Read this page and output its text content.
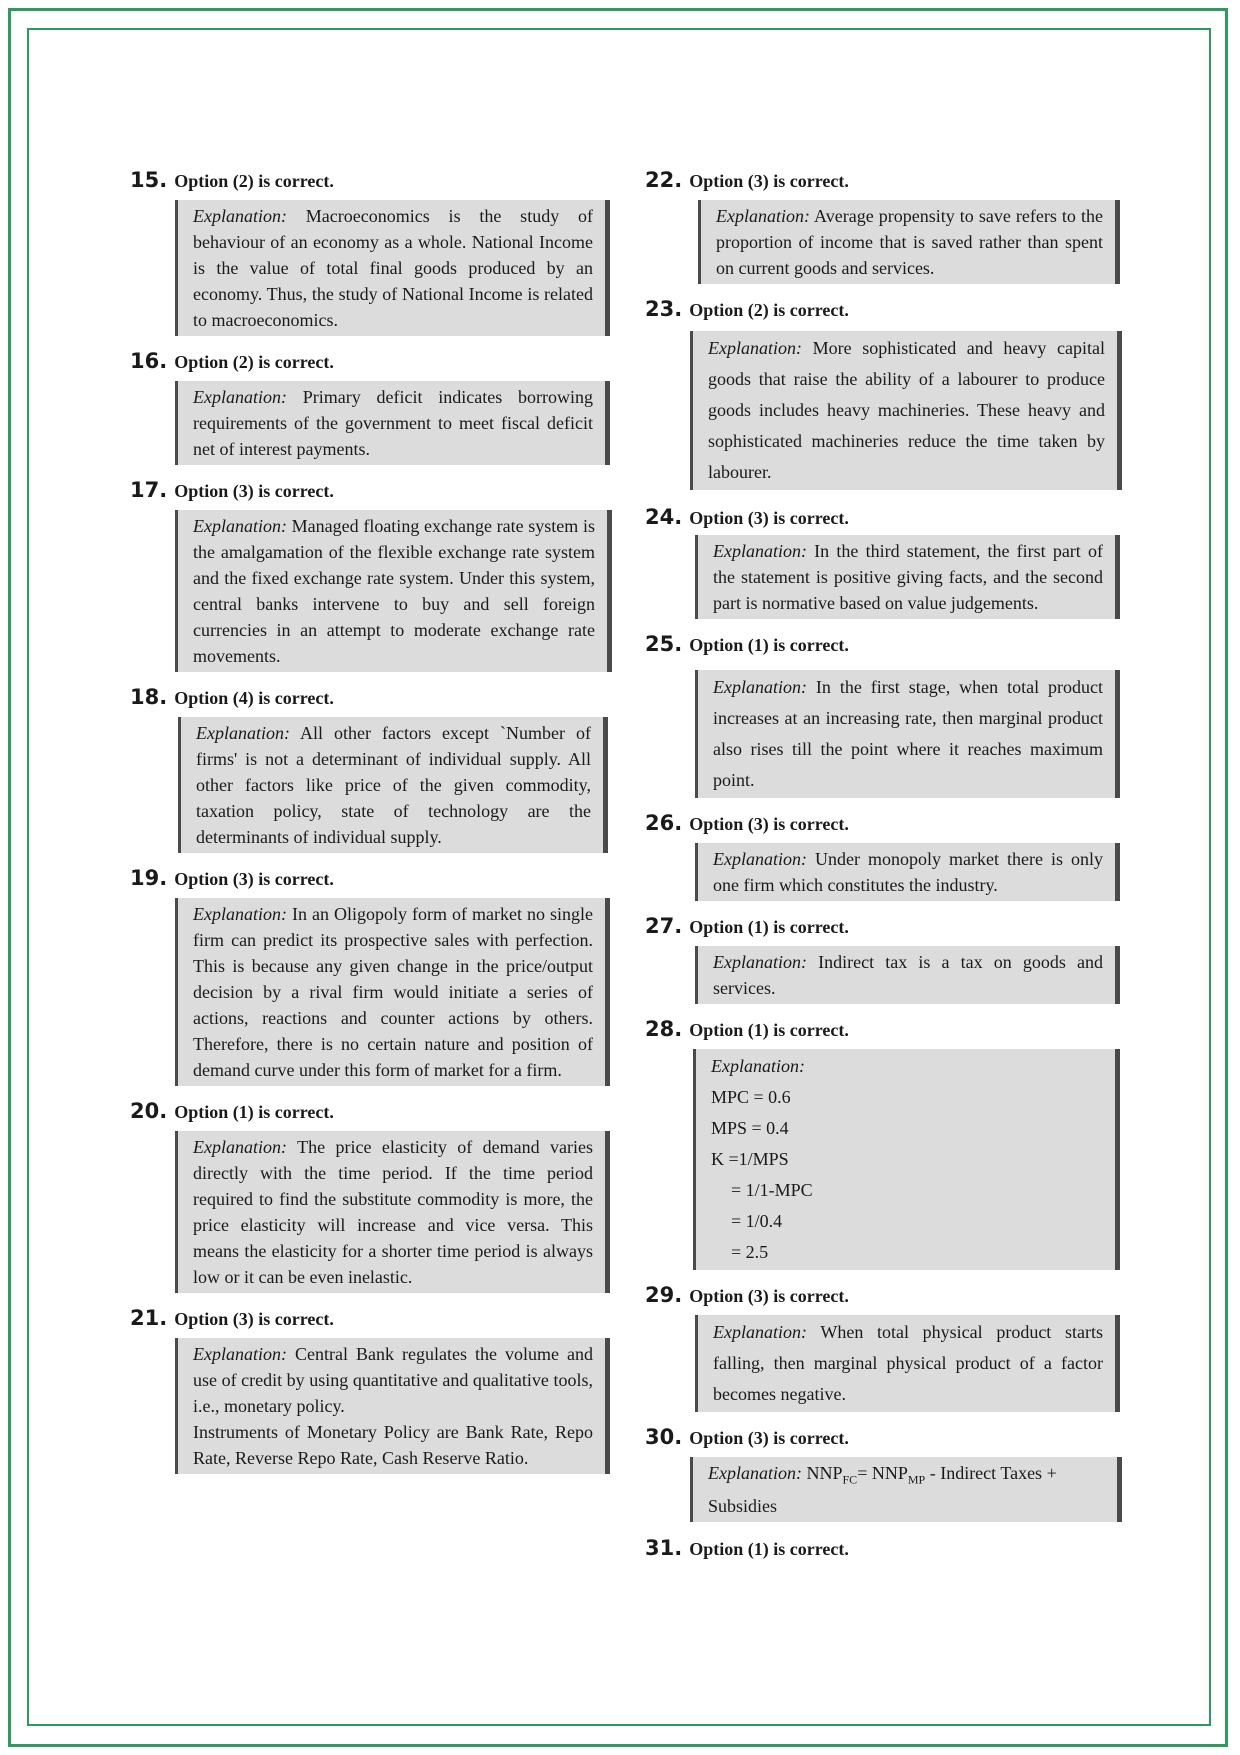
15. Option (2) is correct.
Explanation: Macroeconomics is the study of behaviour of an economy as a whole. National Income is the value of total final goods produced by an economy. Thus, the study of National Income is related to macroeconomics.
16. Option (2) is correct.
Explanation: Primary deficit indicates borrowing requirements of the government to meet fiscal deficit net of interest payments.
17. Option (3) is correct.
Explanation: Managed floating exchange rate system is the amalgamation of the flexible exchange rate system and the fixed exchange rate system. Under this system, central banks intervene to buy and sell foreign currencies in an attempt to moderate exchange rate movements.
18. Option (4) is correct.
Explanation: All other factors except `Number of firms' is not a determinant of individual supply. All other factors like price of the given commodity, taxation policy, state of technology are the determinants of individual supply.
19. Option (3) is correct.
Explanation: In an Oligopoly form of market no single firm can predict its prospective sales with perfection. This is because any given change in the price/output decision by a rival firm would initiate a series of actions, reactions and counter actions by others. Therefore, there is no certain nature and position of demand curve under this form of market for a firm.
20. Option (1) is correct.
Explanation: The price elasticity of demand varies directly with the time period. If the time period required to find the substitute commodity is more, the price elasticity will increase and vice versa. This means the elasticity for a shorter time period is always low or it can be even inelastic.
21. Option (3) is correct.

Explanation: Central Bank regulates the volume and use of credit by using quantitative and qualitative tools, i.e., monetary policy.

Instruments of Monetary Policy are Bank Rate, Repo Rate, Reverse Repo Rate, Cash Reserve Ratio.

22. Option (3) is correct.
Explanation: Average propensity to save refers to the proportion of income that is saved rather than spent on current goods and services.
23. Option (2) is correct.
Explanation: More sophisticated and heavy capital goods that raise the ability of a labourer to produce goods includes heavy machineries. These heavy and sophisticated machineries reduce the time taken by labourer.
24. Option (3) is correct.
Explanation: In the third statement, the first part of the statement is positive giving facts, and the second part is normative based on value judgements.
25. Option (1) is correct.
Explanation: In the first stage, when total product increases at an increasing rate, then marginal product also rises till the point where it reaches maximum point.
26. Option (3) is correct.
Explanation: Under monopoly market there is only one firm which constitutes the industry.
27. Option (1) is correct.
Explanation: Indirect tax is a tax on goods and services.
28. Option (1) is correct.
Explanation:
MPC = 0.6
MPS = 0.4
K =1/MPS
= 1/1-MPC
= 1/0.4
= 2.5
29. Option (3) is correct.
Explanation: When total physical product starts falling, then marginal physical product of a factor becomes negative.
30. Option (3) is correct.
Explanation: $NNP_{FC}= NNP_{MP}$ - Indirect Taxes + Subsidies
31. Option (1) is correct.
